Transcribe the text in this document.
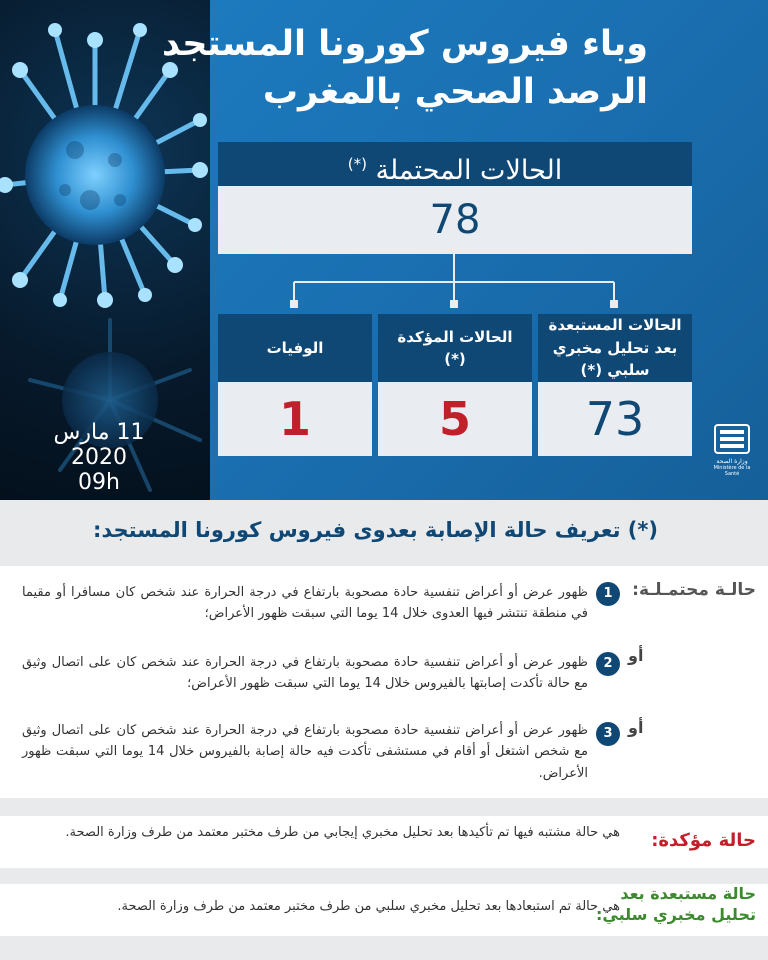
وباء فيروس كورونا المستجد
الرصد الصحي بالمغرب
الحالات المحتملة (*)
78
الحالات المستبعدة بعد تحليل مخبري سلبي (*)
73
الحالات المؤكدة (*)
5
الوفيات
1
11 مارس 2020
09h
وزارة الصحة
Ministère de la Santé
(*) تعريف حالة الإصابة بعدوى فيروس كورونا المستجد:
حالـة محتمـلـة:
1
ظهور عرض أو أعراض تنفسية حادة مصحوبة بارتفاع في درجة الحرارة عند شخص كان مسافرا أو مقيما في منطقة تنتشر فيها العدوى خلال 14 يوما التي سبقت ظهور الأعراض؛
أو
2
ظهور عرض أو أعراض تنفسية حادة مصحوبة بارتفاع في درجة الحرارة عند شخص كان على اتصال وثيق مع حالة تأكدت إصابتها بالفيروس خلال 14 يوما التي سبقت ظهور الأعراض؛
أو
3
ظهور عرض أو أعراض تنفسية حادة مصحوبة بارتفاع في درجة الحرارة عند شخص كان على اتصال وثيق مع شخص اشتغل أو أقام في مستشفى تأكدت فيه حالة إصابة بالفيروس خلال 14 يوما التي سبقت ظهور الأعراض.
حالة مؤكدة:
هي حالة مشتبه فيها تم تأكيدها بعد تحليل مخبري إيجابي من طرف مختبر معتمد من طرف وزارة الصحة.
حالة مستبعدة بعد
تحليل مخبري سلبي:
هي حالة تم استبعادها بعد تحليل مخبري سلبي من طرف مختبر معتمد من طرف وزارة الصحة.
